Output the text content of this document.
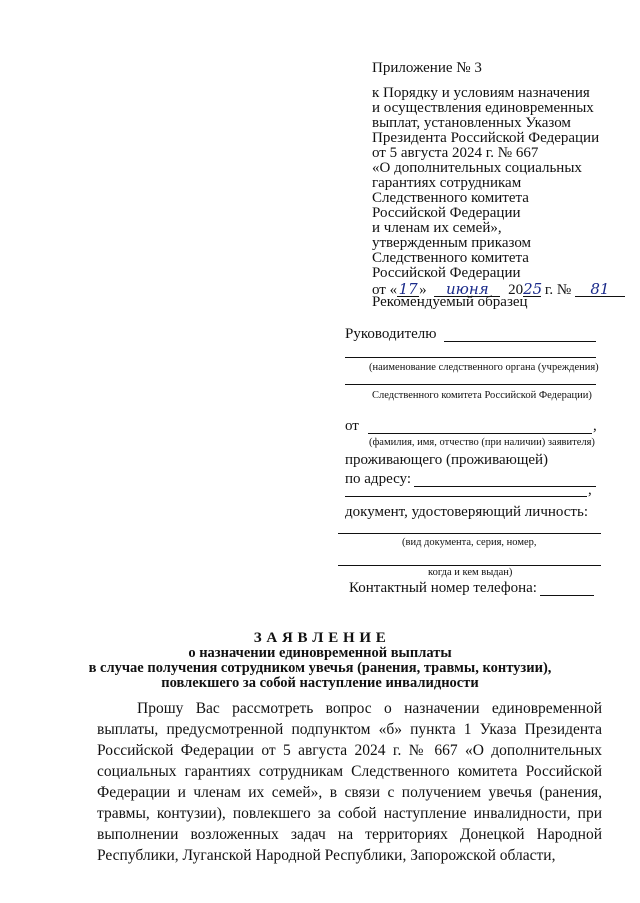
Приложение № 3
к Порядку и условиям назначения
и осуществления единовременных
выплат, установленных Указом
Президента Российской Федерации
от 5 августа 2024 г. № 667
«О дополнительных социальных
гарантиях сотрудникам
Следственного комитета
Российской Федерации
и членам их семей»,
утвержденным приказом
Следственного комитета
Российской Федерации
от «17» июня 2025 г. № 81
Рекомендуемый образец
Руководителю
(наименование следственного органа (учреждения)
Следственного комитета Российской Федерации)
от	,
(фамилия, имя, отчество (при наличии) заявителя)
проживающего (проживающей)
по адресу:
,
документ, удостоверяющий личность:
(вид документа, серия, номер,
когда и кем выдан)
Контактный номер телефона:
З А Я В Л Е Н И Е
о назначении единовременной выплаты
в случае получения сотрудником увечья (ранения, травмы, контузии),
повлекшего за собой наступление инвалидности

Прошу Вас рассмотреть вопрос о назначении единовременной выплаты, предусмотренной подпунктом «б» пункта 1 Указа Президента Российской Федерации от 5 августа 2024 г. № 667 «О дополнительных социальных гарантиях сотрудникам Следственного комитета Российской Федерации и членам их семей», в связи с получением увечья (ранения, травмы, контузии), повлекшего за собой наступление инвалидности, при выполнении возложенных задач на территориях Донецкой Народной Республики, Луганской Народной Республики, Запорожской области,
